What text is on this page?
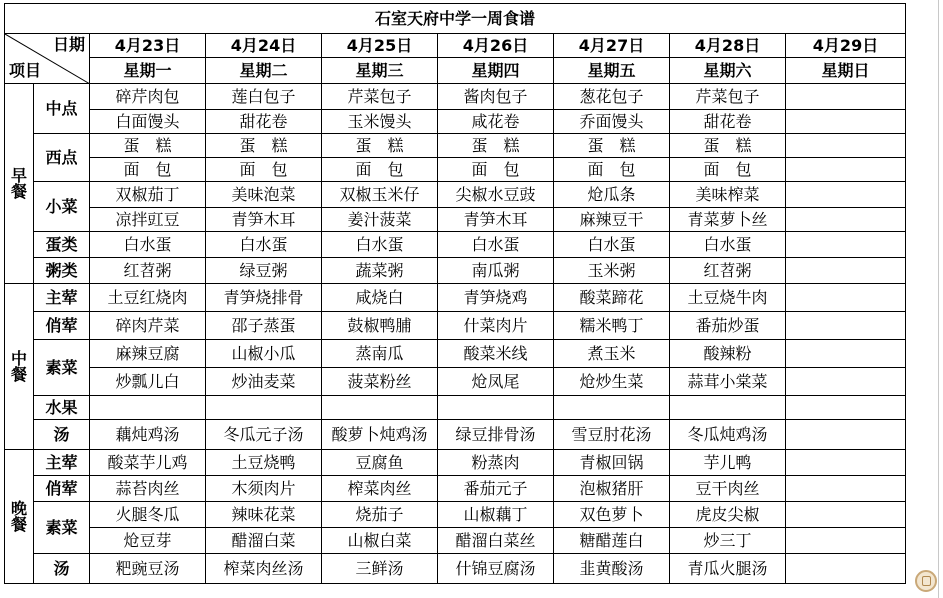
石室天府中学一周食谱								

日期
项目		4月23日	4月24日	4月25日	4月26日	4月27日	4月28日	4月29日
		星期一	星期二	星期三	星期四	星期五	星期六	星期日

早
餐	中点	碎芹肉包	莲白包子	芹菜包子	酱肉包子	葱花包子	芹菜包子	
		白面馒头	甜花卷	玉米馒头	咸花卷	乔面馒头	甜花卷	
	西点	蛋　糕	蛋　糕	蛋　糕	蛋　糕	蛋　糕	蛋　糕	
		面　包	面　包	面　包	面　包	面　包	面　包	
	小菜	双椒茄丁	美味泡菜	双椒玉米仔	尖椒水豆豉	炝瓜条	美味榨菜	
		凉拌豇豆	青笋木耳	姜汁菠菜	青笋木耳	麻辣豆干	青菜萝卜丝	
	蛋类	白水蛋	白水蛋	白水蛋	白水蛋	白水蛋	白水蛋	
	粥类	红苕粥	绿豆粥	蔬菜粥	南瓜粥	玉米粥	红苕粥	

中
餐	主荤	土豆红烧肉	青笋烧排骨	咸烧白	青笋烧鸡	酸菜蹄花	土豆烧牛肉	
	俏荤	碎肉芹菜	邵子蒸蛋	鼓椒鸭脯	什菜肉片	糯米鸭丁	番茄炒蛋	
	素菜	麻辣豆腐	山椒小瓜	蒸南瓜	酸菜米线	煮玉米	酸辣粉	
		炒瓢儿白	炒油麦菜	菠菜粉丝	炝凤尾	炝炒生菜	蒜茸小棠菜	
	水果							
	汤	藕炖鸡汤	冬瓜元子汤	酸萝卜炖鸡汤	绿豆排骨汤	雪豆肘花汤	冬瓜炖鸡汤	

晚
餐	主荤	酸菜芋儿鸡	土豆烧鸭	豆腐鱼	粉蒸肉	青椒回锅	芋儿鸭	
	俏荤	蒜苔肉丝	木须肉片	榨菜肉丝	番茄元子	泡椒猪肝	豆干肉丝	
	素菜	火腿冬瓜	辣味花菜	烧茄子	山椒藕丁	双色萝卜	虎皮尖椒	
		炝豆芽	醋溜白菜	山椒白菜	醋溜白菜丝	糖醋莲白	炒三丁	
	汤	粑豌豆汤	榨菜肉丝汤	三鲜汤	什锦豆腐汤	韭黄酸汤	青瓜火腿汤	
